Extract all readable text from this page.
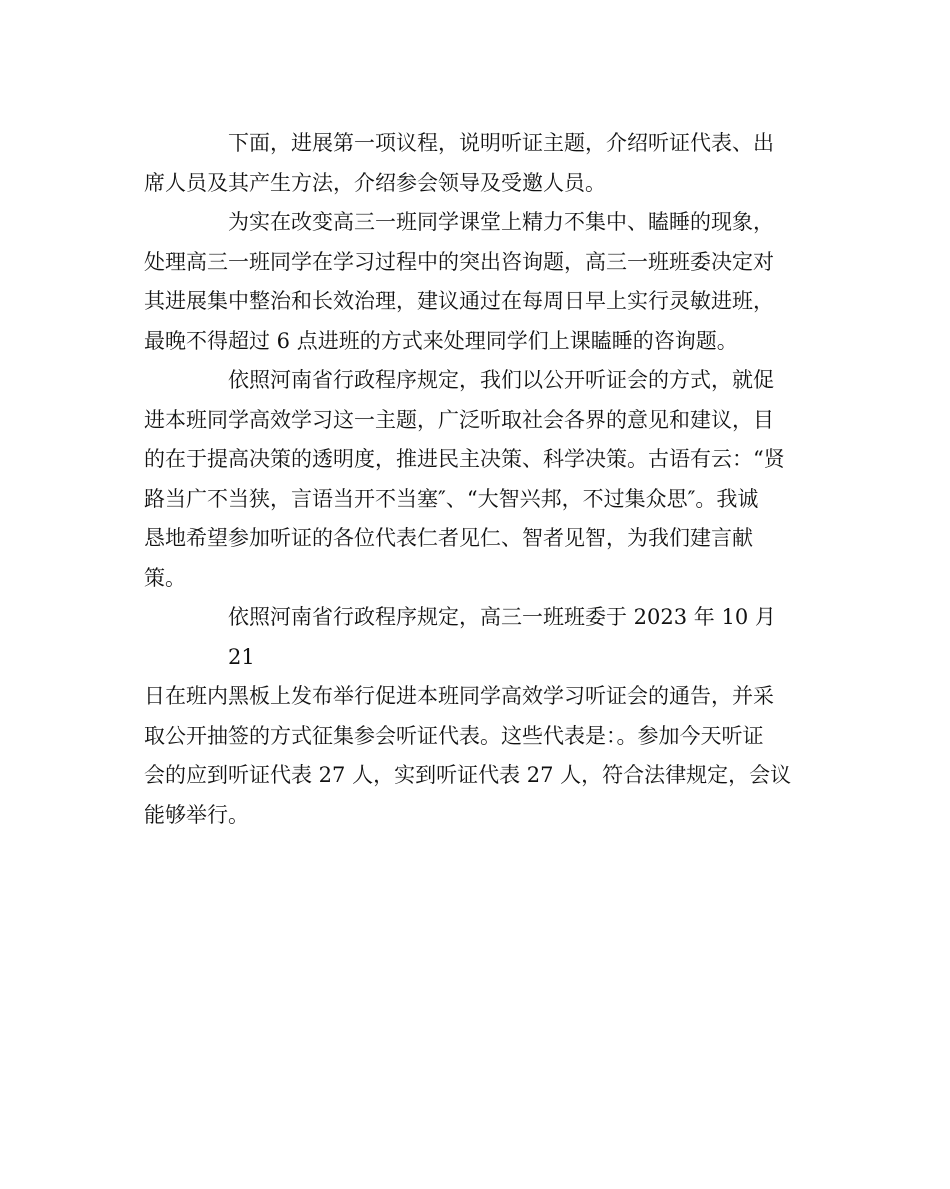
下面，进展第一项议程，说明听证主题，介绍听证代表、出
席人员及其产生方法，介绍参会领导及受邀人员。

为实在改变高三一班同学课堂上精力不集中、瞌睡的现象，
处理高三一班同学在学习过程中的突出咨询题，高三一班班委决定对
其进展集中整治和长效治理，建议通过在每周日早上实行灵敏进班，
最晚不得超过 6 点进班的方式来处理同学们上课瞌睡的咨询题。

依照河南省行政程序规定，我们以公开听证会的方式，就促
进本班同学高效学习这一主题，广泛听取社会各界的意见和建议，目
的在于提高决策的透明度，推进民主决策、科学决策。古语有云：“贤
路当广不当狭，言语当开不当塞″、“大智兴邦，不过集众思″。我诚
恳地希望参加听证的各位代表仁者见仁、智者见智，为我们建言献
策。

依照河南省行政程序规定，高三一班班委于 2023 年 10 月 21
日在班内黑板上发布举行促进本班同学高效学习听证会的通告，并采
取公开抽签的方式征集参会听证代表。这些代表是：。参加今天听证
会的应到听证代表 27 人，实到听证代表 27 人，符合法律规定，会议
能够举行。
